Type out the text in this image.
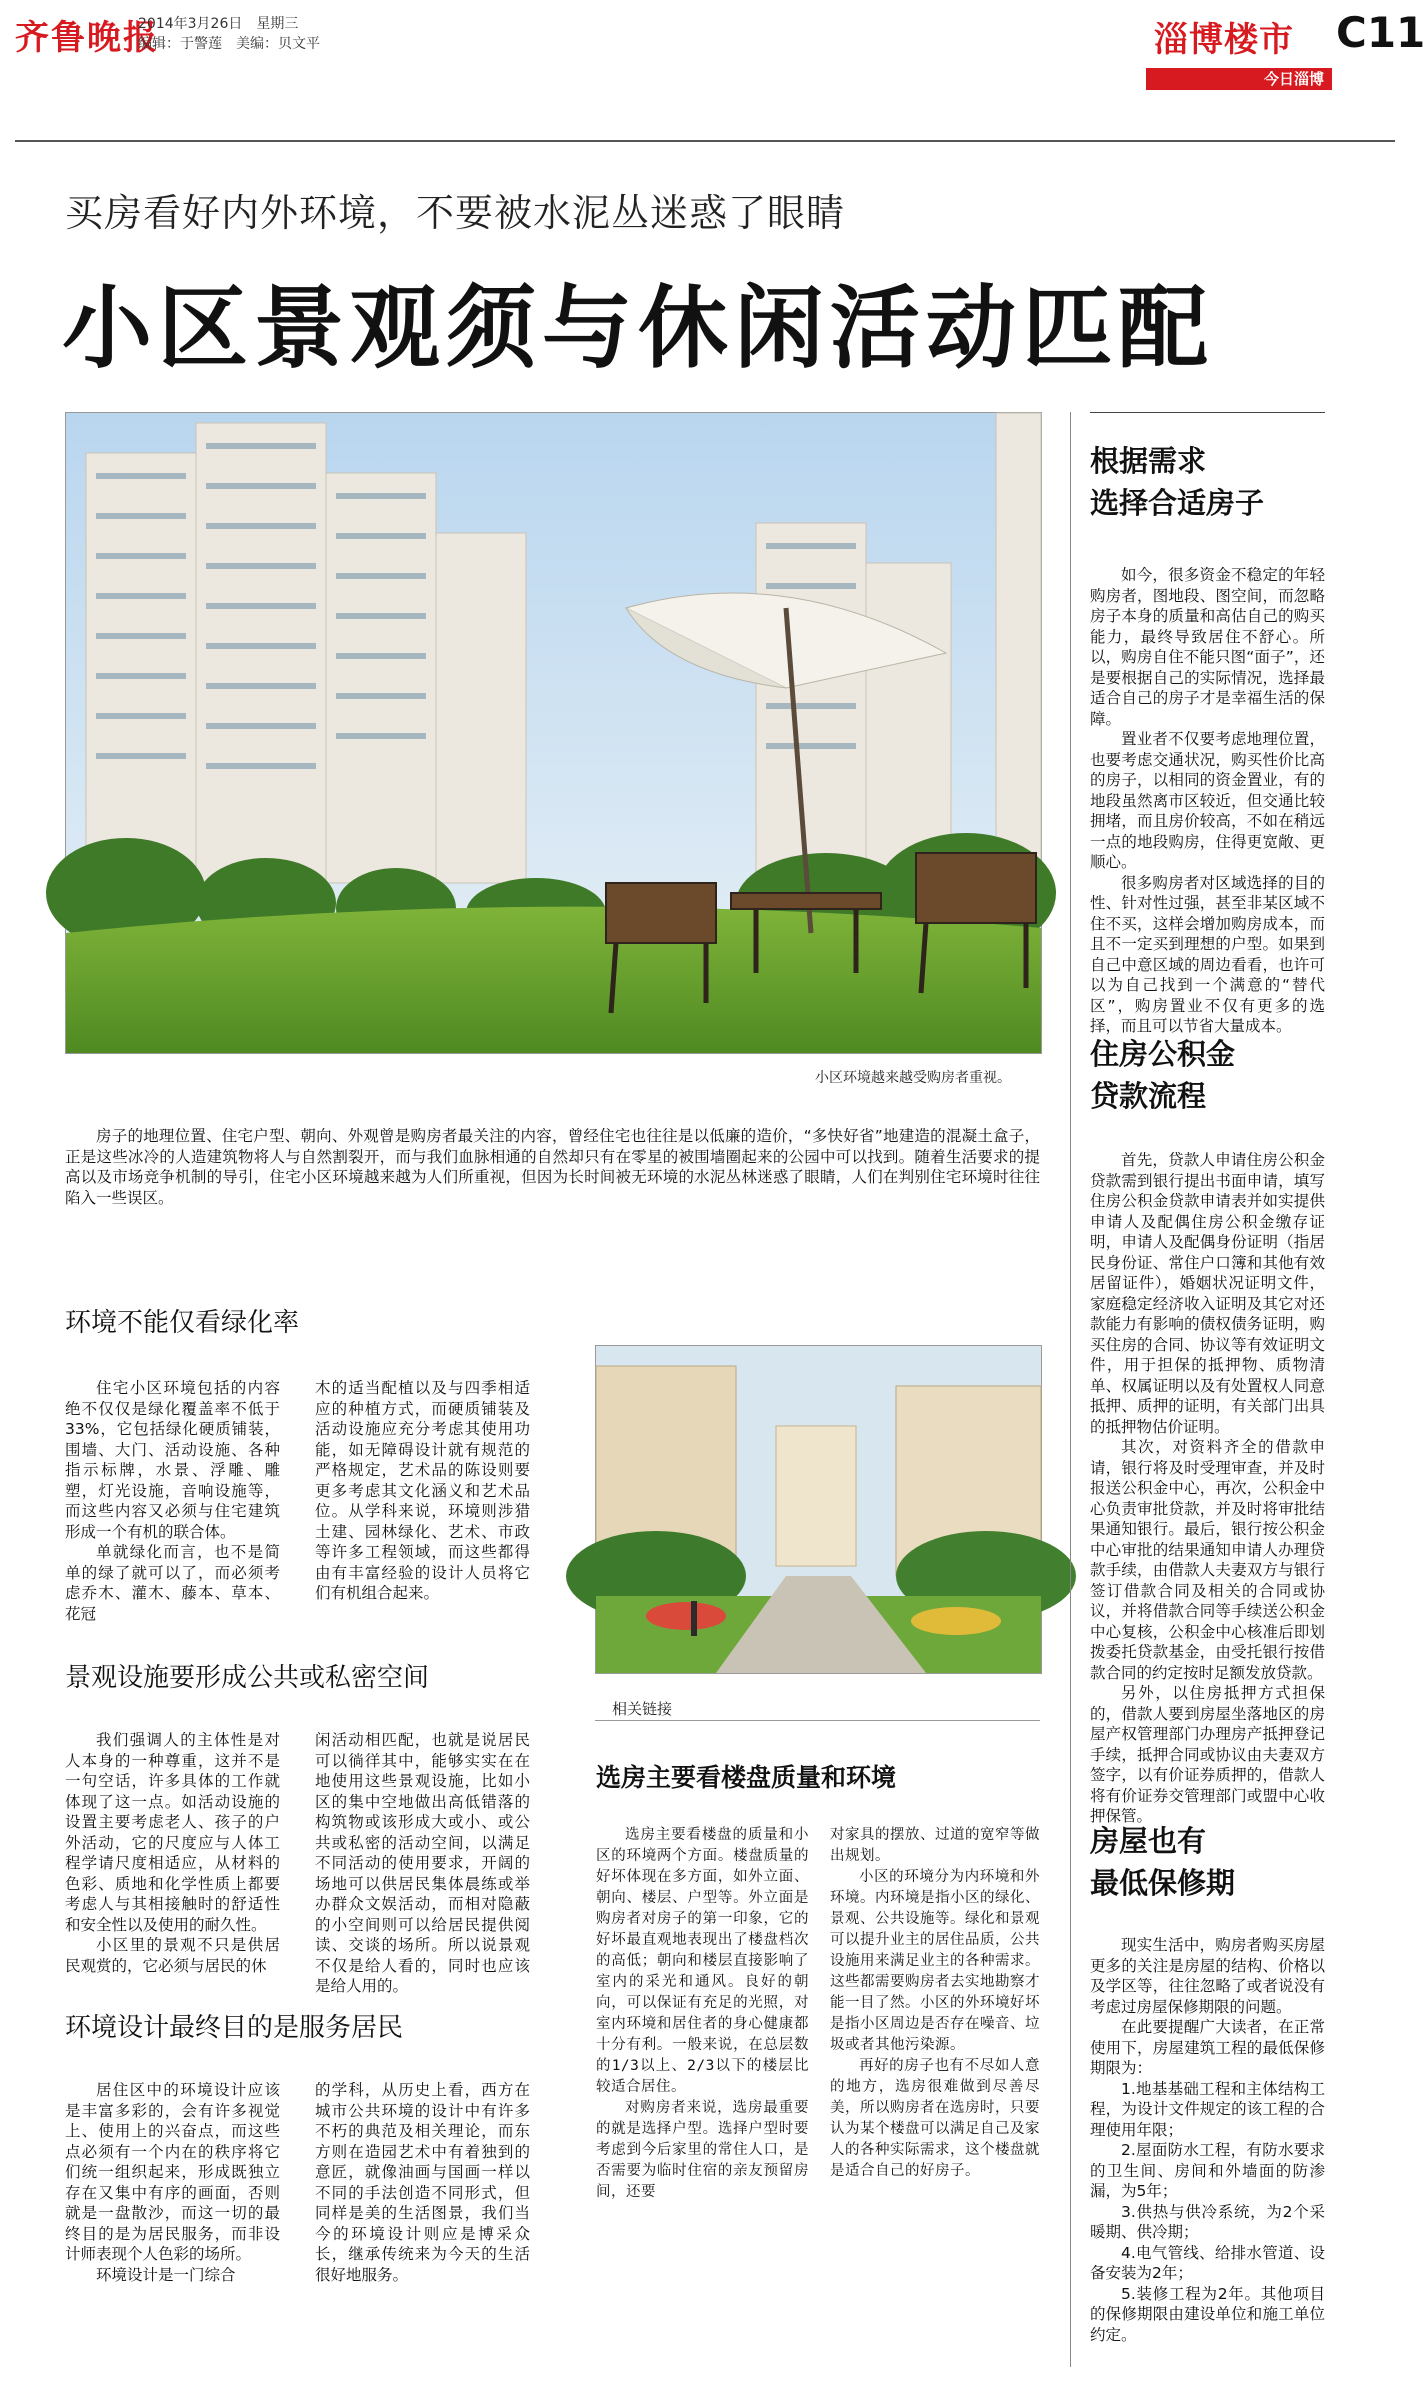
齐鲁晚报
2014年3月26日　星期三
编辑：于警莲　美编：贝文平	淄博楼市
今日淄博
C11
买房看好内外环境，不要被水泥丛迷惑了眼睛
小区景观须与休闲活动匹配
小区环境越来越受购房者重视。

房子的地理位置、住宅户型、朝向、外观曾是购房者最关注的内容，曾经住宅也往往是以低廉的造价，“多快好省”地建造的混凝土盒子，正是这些冰冷的人造建筑物将人与自然割裂开，而与我们血脉相通的自然却只有在零星的被围墙圈起来的公园中可以找到。随着生活要求的提高以及市场竞争机制的导引，住宅小区环境越来越为人们所重视，但因为长时间被无环境的水泥丛林迷惑了眼睛，人们在判别住宅环境时往往陷入一些误区。

环境不能仅看绿化率

住宅小区环境包括的内容绝不仅仅是绿化覆盖率不低于33%，它包括绿化硬质铺装，围墙、大门、活动设施、各种指示标牌，水景、浮雕、雕塑，灯光设施，音响设施等，而这些内容又必须与住宅建筑形成一个有机的联合体。

单就绿化而言，也不是简单的绿了就可以了，而必须考虑乔木、灌木、藤本、草本、花冠

木的适当配植以及与四季相适应的种植方式，而硬质铺装及活动设施应充分考虑其使用功能，如无障碍设计就有规范的严格规定，艺术品的陈设则要更多考虑其文化涵义和艺术品位。从学科来说，环境则涉猎土建、园林绿化、艺术、市政等许多工程领域，而这些都得由有丰富经验的设计人员将它们有机组合起来。

景观设施要形成公共或私密空间

我们强调人的主体性是对人本身的一种尊重，这并不是一句空话，许多具体的工作就体现了这一点。如活动设施的设置主要考虑老人、孩子的户外活动，它的尺度应与人体工程学请尺度相适应，从材料的色彩、质地和化学性质上都要考虑人与其相接触时的舒适性和安全性以及使用的耐久性。

小区里的景观不只是供居民观赏的，它必须与居民的休

闲活动相匹配，也就是说居民可以徜徉其中，能够实实在在地使用这些景观设施，比如小区的集中空地做出高低错落的构筑物或该形成大或小、或公共或私密的活动空间，以满足不同活动的使用要求，开阔的场地可以供居民集体晨练或举办群众文娱活动，而相对隐蔽的小空间则可以给居民提供阅读、交谈的场所。所以说景观不仅是给人看的，同时也应该是给人用的。

环境设计最终目的是服务居民

居住区中的环境设计应该是丰富多彩的，会有许多视觉上、使用上的兴奋点，而这些点必须有一个内在的秩序将它们统一组织起来，形成既独立存在又集中有序的画面，否则就是一盘散沙，而这一切的最终目的是为居民服务，而非设计师表现个人色彩的场所。

环境设计是一门综合

的学科，从历史上看，西方在城市公共环境的设计中有许多不朽的典范及相关理论，而东方则在造园艺术中有着独到的意匠，就像油画与国画一样以不同的手法创造不同形式，但同样是美的生活图景，我们当今的环境设计则应是博采众长，继承传统来为今天的生活很好地服务。

相关链接
选房主要看楼盘质量和环境

选房主要看楼盘的质量和小区的环境两个方面。楼盘质量的好坏体现在多方面，如外立面、朝向、楼层、户型等。外立面是购房者对房子的第一印象，它的好坏最直观地表现出了楼盘档次的高低；朝向和楼层直接影响了室内的采光和通风。良好的朝向，可以保证有充足的光照，对室内环境和居住者的身心健康都十分有利。一般来说，在总层数的1/3以上、2/3以下的楼层比较适合居住。

对购房者来说，选房最重要的就是选择户型。选择户型时要考虑到今后家里的常住人口，是否需要为临时住宿的亲友预留房间，还要

对家具的摆放、过道的宽窄等做出规划。

小区的环境分为内环境和外环境。内环境是指小区的绿化、景观、公共设施等。绿化和景观可以提升业主的居住品质，公共设施用来满足业主的各种需求。这些都需要购房者去实地勘察才能一目了然。小区的外环境好坏是指小区周边是否存在噪音、垃圾或者其他污染源。

再好的房子也有不尽如人意的地方，选房很难做到尽善尽美，所以购房者在选房时，只要认为某个楼盘可以满足自己及家人的各种实际需求，这个楼盘就是适合自己的好房子。

根据需求
选择合适房子

如今，很多资金不稳定的年轻购房者，图地段、图空间，而忽略房子本身的质量和高估自己的购买能力，最终导致居住不舒心。所以，购房自住不能只图“面子”，还是要根据自己的实际情况，选择最适合自己的房子才是幸福生活的保障。

置业者不仅要考虑地理位置，也要考虑交通状况，购买性价比高的房子，以相同的资金置业，有的地段虽然离市区较近，但交通比较拥堵，而且房价较高，不如在稍远一点的地段购房，住得更宽敞、更顺心。

很多购房者对区域选择的目的性、针对性过强，甚至非某区域不住不买，这样会增加购房成本，而且不一定买到理想的户型。如果到自己中意区域的周边看看，也许可以为自己找到一个满意的“替代区”，购房置业不仅有更多的选择，而且可以节省大量成本。

住房公积金
贷款流程

首先，贷款人申请住房公积金贷款需到银行提出书面申请，填写住房公积金贷款申请表并如实提供申请人及配偶住房公积金缴存证明，申请人及配偶身份证明（指居民身份证、常住户口簿和其他有效居留证件），婚姻状况证明文件，家庭稳定经济收入证明及其它对还款能力有影响的债权债务证明，购买住房的合同、协议等有效证明文件，用于担保的抵押物、质物清单、权属证明以及有处置权人同意抵押、质押的证明，有关部门出具的抵押物估价证明。

其次，对资料齐全的借款申请，银行将及时受理审查，并及时报送公积金中心，再次，公积金中心负责审批贷款，并及时将审批结果通知银行。最后，银行按公积金中心审批的结果通知申请人办理贷款手续，由借款人夫妻双方与银行签订借款合同及相关的合同或协议，并将借款合同等手续送公积金中心复核，公积金中心核准后即划拨委托贷款基金，由受托银行按借款合同的约定按时足额发放贷款。

另外，以住房抵押方式担保的，借款人要到房屋坐落地区的房屋产权管理部门办理房产抵押登记手续，抵押合同或协议由夫妻双方签字，以有价证券质押的，借款人将有价证券交管理部门或盟中心收押保管。

房屋也有
最低保修期

现实生活中，购房者购买房屋更多的关注是房屋的结构、价格以及学区等，往往忽略了或者说没有考虑过房屋保修期限的问题。

在此要提醒广大读者，在正常使用下，房屋建筑工程的最低保修期限为：

1.地基基础工程和主体结构工程，为设计文件规定的该工程的合理使用年限；

2.屋面防水工程，有防水要求的卫生间、房间和外墙面的防渗漏，为5年；

3.供热与供冷系统，为2个采暖期、供冷期；

4.电气管线、给排水管道、设备安装为2年；

5.装修工程为2年。其他项目的保修期限由建设单位和施工单位约定。
